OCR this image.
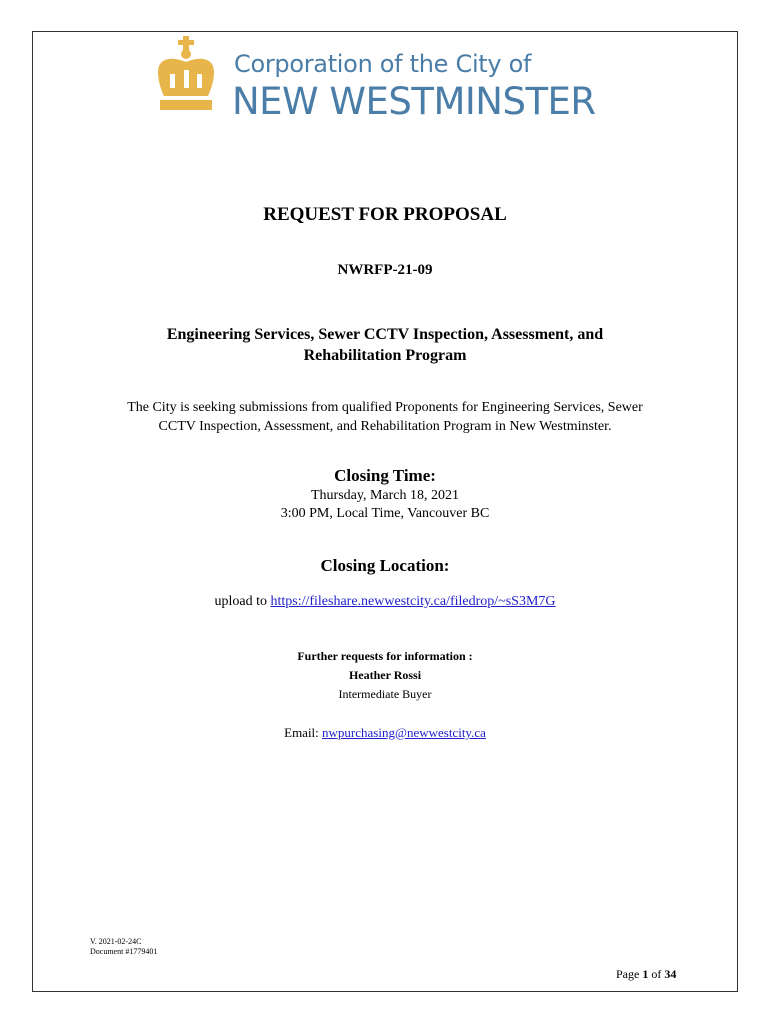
Corporation of the City of
NEW WESTMINSTER
REQUEST FOR PROPOSAL
NWRFP-21-09
Engineering Services, Sewer CCTV Inspection, Assessment, and
Rehabilitation Program
The City is seeking submissions from qualified Proponents for Engineering Services, Sewer
CCTV Inspection, Assessment, and Rehabilitation Program in New Westminster.
Closing Time:
Thursday, March 18, 2021
3:00 PM, Local Time, Vancouver BC
Closing Location:
upload to https://fileshare.newwestcity.ca/filedrop/~sS3M7G
Further requests for information :
Heather Rossi
Intermediate Buyer
Email: nwpurchasing@newwestcity.ca
V. 2021-02-24C
Document #1779401
Page 1 of 34
